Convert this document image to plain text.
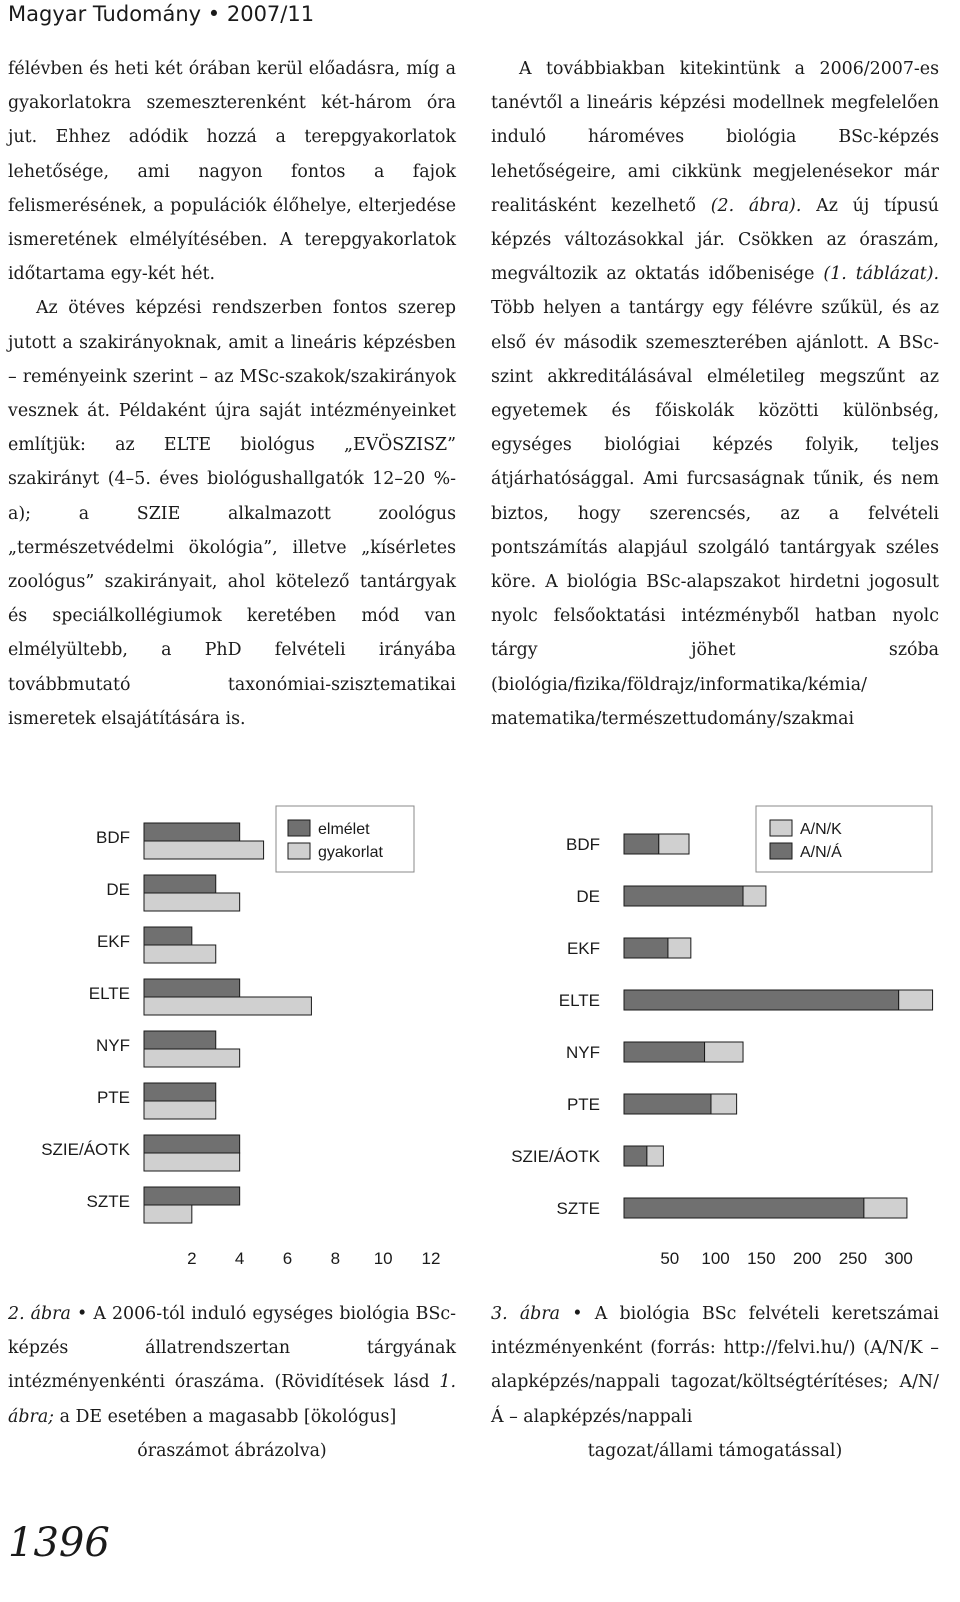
Magyar Tudomány • 2007/11

félévben és heti két órában kerül előadásra, míg a gyakorlatokra szemeszterenként két-három óra jut. Ehhez adódik hozzá a terepgyakorlatok lehetősége, ami nagyon fontos a fajok felismerésének, a populációk élőhelye, elterjedése ismeretének elmélyítésében. A terepgyakorlatok időtartama egy-két hét.

Az ötéves képzési rendszerben fontos szerep jutott a szakirányoknak, amit a lineáris képzésben – reményeink szerint – az MSc-szakok/szakirányok vesznek át. Példaként újra saját intézményeinket említjük: az ELTE biológus „EVÖSZISZ” szakirányt (4–5. éves biológushallgatók 12–20 %-a); a SZIE alkalmazott zoológus „természetvédelmi ökológia”, illetve „kísérletes zoológus” szakirányait, ahol kötelező tantárgyak és speciálkollégiumok keretében mód van elmélyültebb, a PhD felvételi irányába továbbmutató taxonómiai-szisztematikai ismeretek elsajátítására is.

A továbbiakban kitekintünk a 2006/2007-es tanévtől a lineáris képzési modellnek megfelelően induló hároméves biológia BSc-képzés lehetőségeire, ami cikkünk megjelenésekor már realitásként kezelhető (2. ábra). Az új típusú képzés változásokkal jár. Csökken az óraszám, megváltozik az oktatás időbenisége (1. táblázat). Több helyen a tantárgy egy félévre szűkül, és az első év második szemeszterében ajánlott. A BSc-szint akkreditálásával elméletileg megszűnt az egyetemek és főiskolák közötti különbség, egységes biológiai képzés folyik, teljes átjárhatósággal. Ami furcsaságnak tűnik, és nem biztos, hogy szerencsés, az a felvételi pontszámítás alapjául szolgáló tantárgyak széles köre. A biológia BSc-alapszakot hirdetni jogosult nyolc felsőoktatási intézményből hatban nyolc tárgy jöhet szóba (biológia/fizika/földrajz/informatika/kémia/ matematika/természettudomány/szakmai

BDF
DE
EKF
ELTE
NYF
PTE
SZIE/ÁOTK
SZTE
2 4 6 8 10 12
elmélet
gyakorlat	BDF
DE
EKF
ELTE
NYF
PTE
SZIE/ÁOTK
SZTE
50 100 150 200 250 300
A/N/K
A/N/Á
2. ábra • A 2006-tól induló egységes biológia BSc-képzés állatrendszertan tárgyának intézményenkénti óraszáma. (Rövidítések lásd 1. ábra; a DE esetében a magasabb [ökológus]
óraszámot ábrázolva)
3. ábra • A biológia BSc felvételi keretszámai intézményenként (forrás: http://felvi.hu/) (A/N/K – alapképzés/nappali tagozat/költségtérítéses; A/N/Á – alapképzés/nappali
tagozat/állami támogatással)
1396
